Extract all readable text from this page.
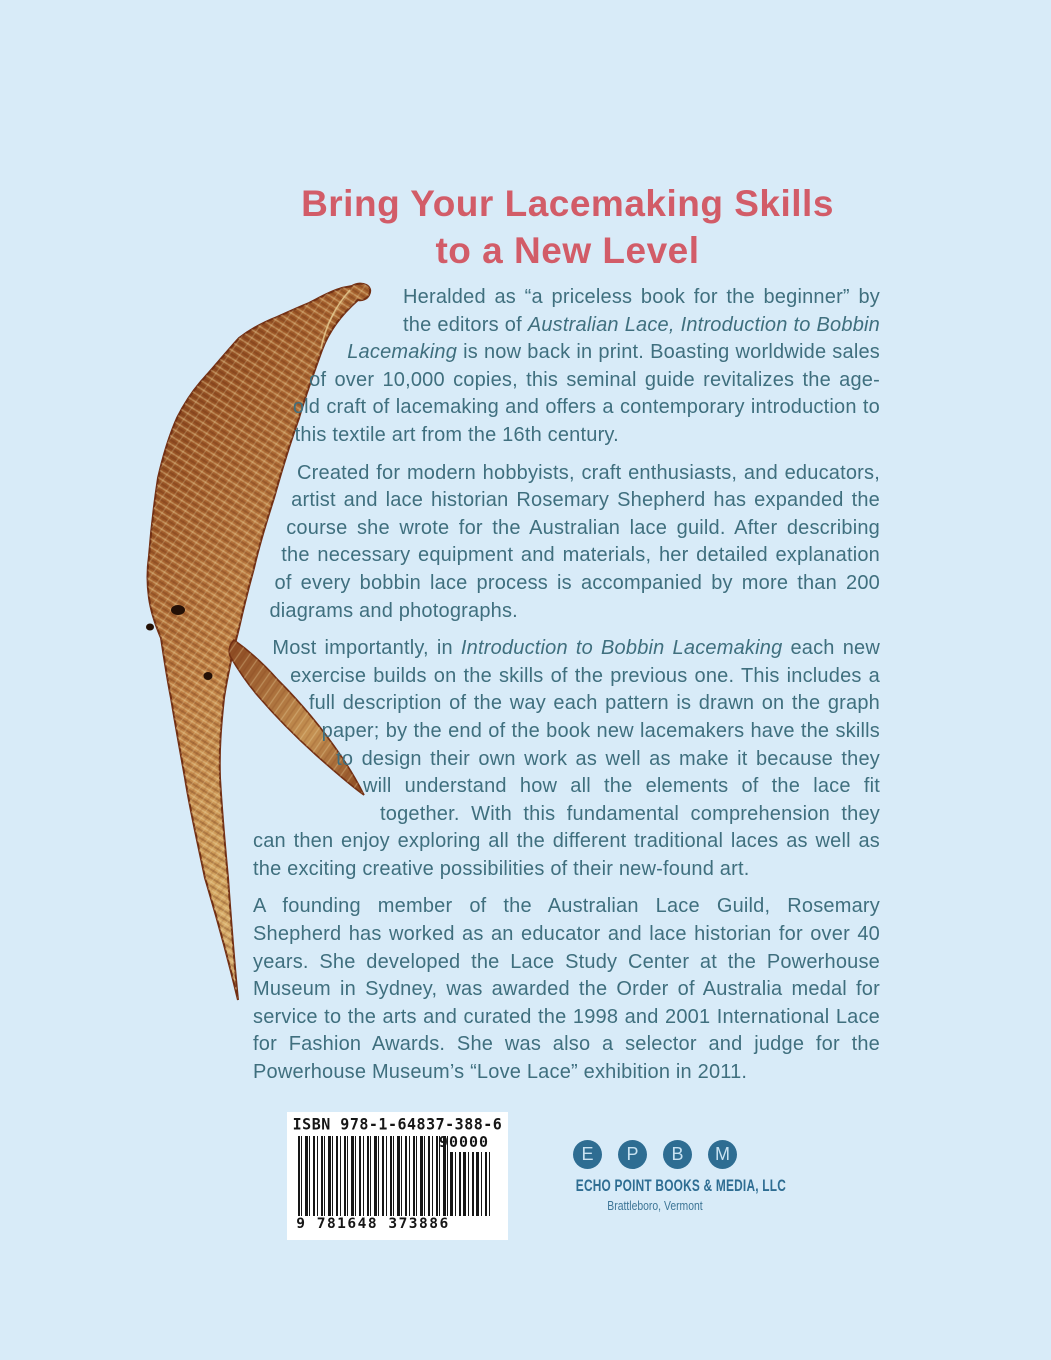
Bring Your Lacemaking Skills
to a New Level

Heralded as “a priceless book for the beginner” by the editors of Australian Lace, Introduction to Bobbin Lacemaking is now back in print. Boasting worldwide sales of over 10,000 copies, this seminal guide revitalizes the age-old craft of lacemaking and offers a contemporary introduction to this textile art from the 16th century.

Created for modern hobbyists, craft enthusiasts, and educators, artist and lace historian Rosemary Shepherd has expanded the course she wrote for the Australian lace guild. After describing the necessary equipment and materials, her detailed explanation of every bobbin lace process is accompanied by more than 200 diagrams and photographs.

Most importantly, in Introduction to Bobbin Lacemaking each new exercise builds on the skills of the previous one. This includes a full description of the way each pattern is drawn on the graph paper; by the end of the book new lacemakers have the skills to design their own work as well as make it because they will understand how all the elements of the lace fit together. With this fundamental comprehension they can then enjoy exploring all the different traditional laces as well as the exciting creative possibilities of their new-found art.

A founding member of the Australian Lace Guild, Rosemary Shepherd has worked as an educator and lace historian for over 40 years. She developed the Lace Study Center at the Powerhouse Museum in Sydney, was awarded the Order of Australia medal for service to the arts and curated the 1998 and 2001 International Lace for Fashion Awards. She was also a selector and judge for the Powerhouse Museum’s “Love Lace” exhibition in 2011.

ISBN 978-1-64837-388-6
90000
9 781648 373886
E	P	B	M
ECHO POINT BOOKS & MEDIA, LLC
Brattleboro, Vermont
